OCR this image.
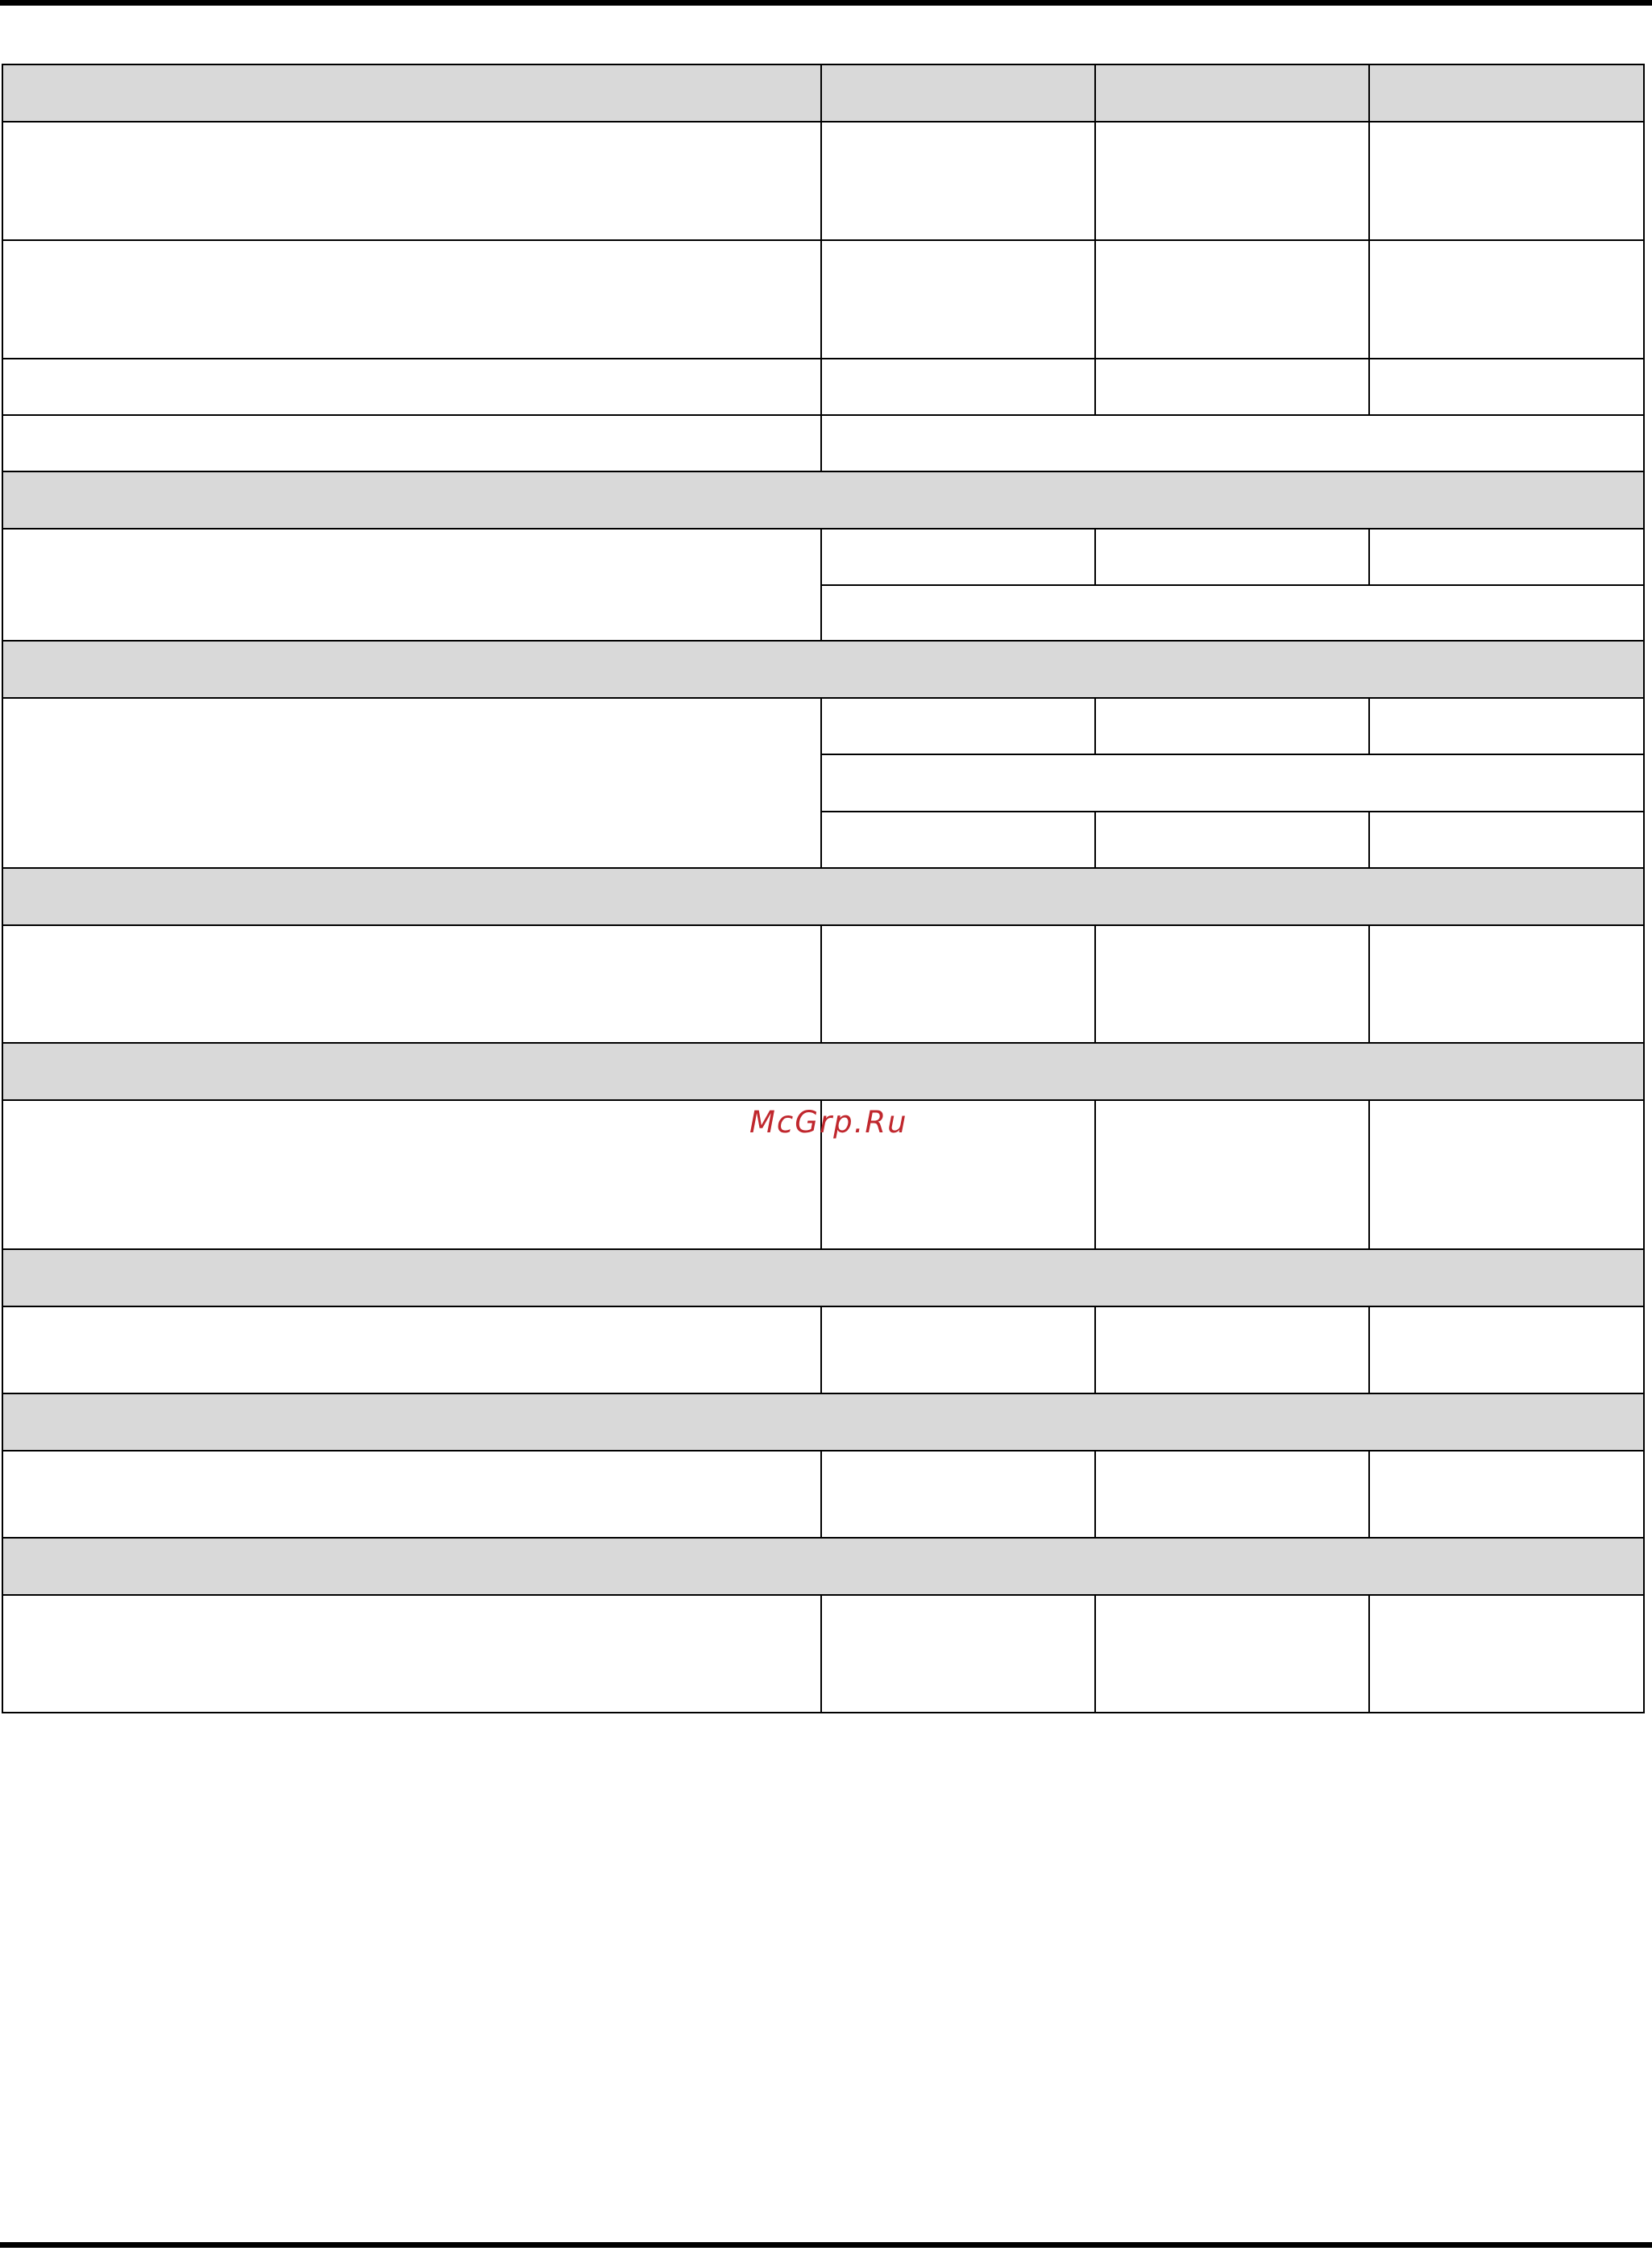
McGrp.Ru
